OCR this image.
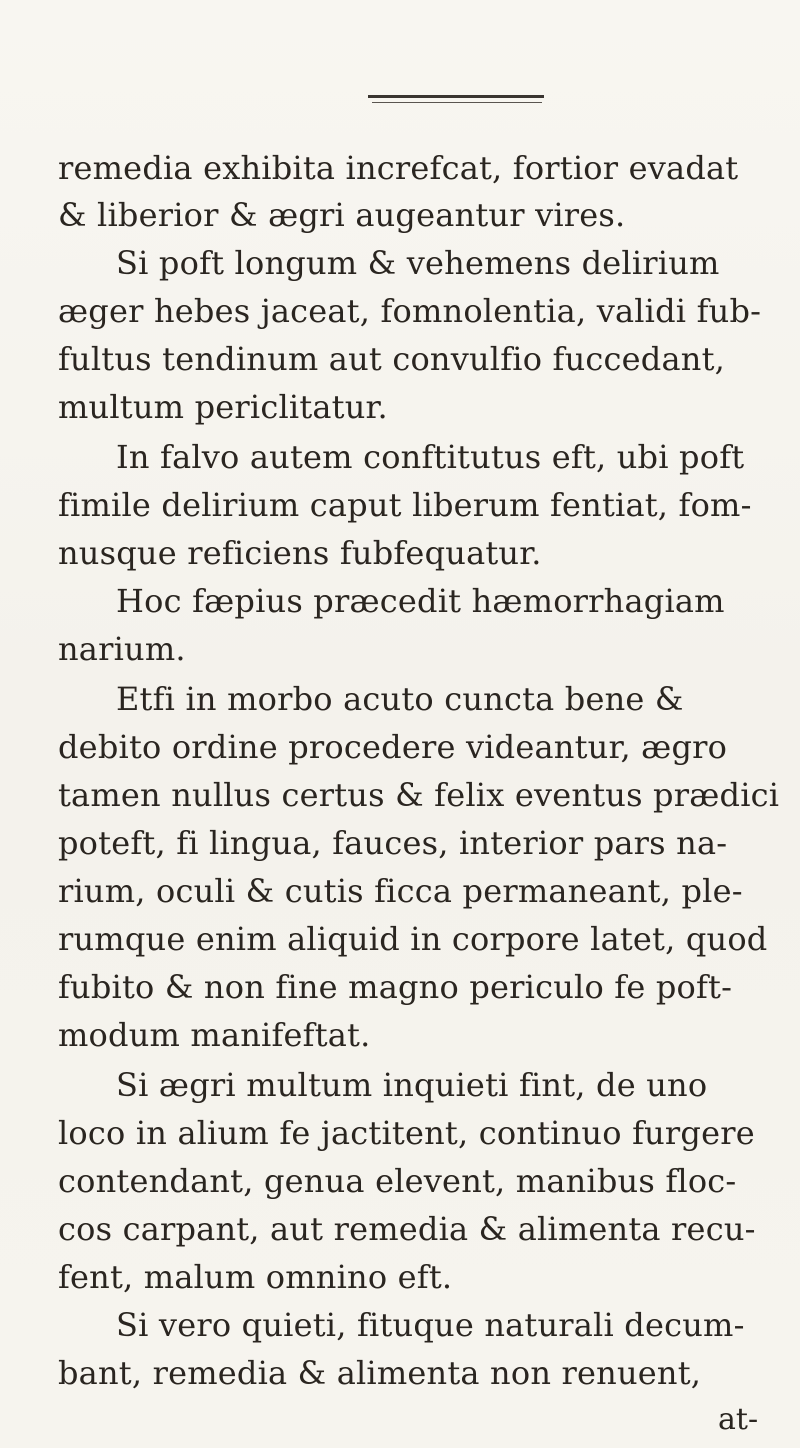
remedia exhibita increfcat, fortior evadat
& liberior & ægri augeantur vires.
Si poft longum & vehemens delirium
æger hebes jaceat, fomnolentia, validi fub-
fultus tendinum aut convulfio fuccedant,
multum periclitatur.
In falvo autem conftitutus eft, ubi poft
fimile delirium caput liberum fentiat, fom-
nusque reficiens fubfequatur.
Hoc fæpius præcedit hæmorrhagiam
narium.
Etfi in morbo acuto cuncta bene &
debito ordine procedere videantur, ægro
tamen nullus certus & felix eventus prædici
poteft, fi lingua, fauces, interior pars na-
rium, oculi & cutis ficca permaneant, ple-
rumque enim aliquid in corpore latet, quod
fubito & non fine magno periculo fe poft-
modum manifeftat.
Si ægri multum inquieti fint, de uno
loco in alium fe jactitent, continuo furgere
contendant, genua elevent, manibus floc-
cos carpant, aut remedia & alimenta recu-
fent, malum omnino eft.
Si vero quieti, fituque naturali decum-
bant, remedia & alimenta non renuent,
at-
